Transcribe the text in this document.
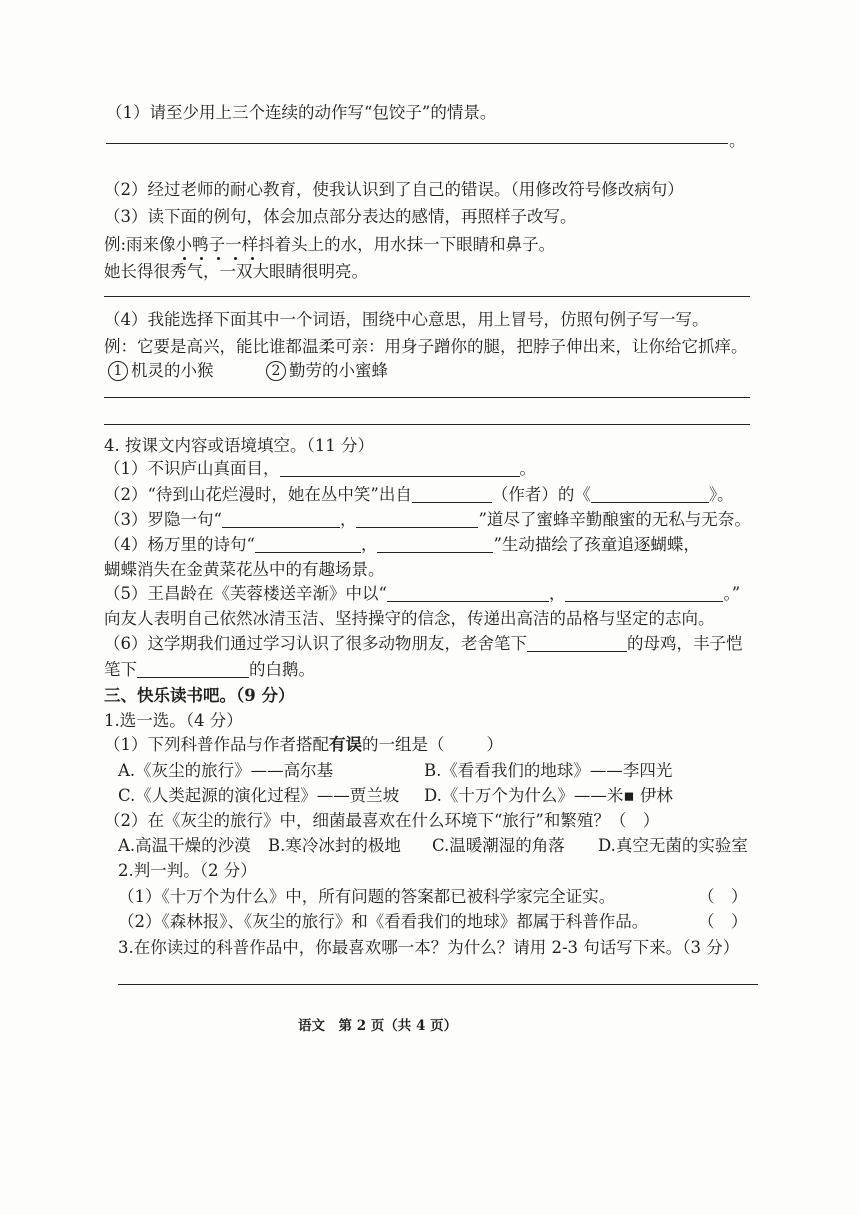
（1）请至少用上三个连续的动作写“包饺子”的情景。
。
（2）经过老师的耐心教育，使我认识到了自己的错误。（用修改符号修改病句）
（3）读下面的例句，体会加点部分表达的感情，再照样子改写。
例:雨来像小鸭子一样
抖着头上的水，用水抹一下眼睛和鼻子。
她长得很秀气，一双大眼睛很明亮。
（4）我能选择下面其中一个词语，围绕中心意思，用上冒号，仿照句例子写一写。
例：它要是高兴，能比谁都温柔可亲：用身子蹭你的腿，把脖子伸出来，让你给它抓痒。
1 机灵的小猴	2 勤劳的小蜜蜂
4. 按课文内容或语境填空。（11 分）
（1）不识庐山真面目，	。
（2）“待到山花烂漫时，她在丛中笑”出自	（作者）的《	》。
（3）罗隐一句“	，	”道尽了蜜蜂辛勤酿蜜的无私与无奈。
（4）杨万里的诗句“	，	”生动描绘了孩童追逐蝴蝶，
蝴蝶消失在金黄菜花丛中的有趣场景。
（5）王昌龄在《芙蓉楼送辛渐》中以“	，	。”
向友人表明自己依然冰清玉洁、坚持操守的信念，传递出高洁的品格与坚定的志向。
（6）这学期我们通过学习认识了很多动物朋友，老舍笔下	的母鸡，丰子恺
笔下	的白鹅。
三、快乐读书吧。（9 分）
1.选一选。（4 分）
（1）下列科普作品与作者搭配有误的一组是（	）
A.《灰尘的旅行》——高尔基	B.《看看我们的地球》——李四光
C.《人类起源的演化过程》——贾兰坡 D.《十万个为什么》——米▪ 伊林
（2）在《灰尘的旅行》中，细菌最喜欢在什么环境下“旅行”和繁殖？（　）
A.高温干燥的沙漠 B.寒冷冰封的极地 C.温暖潮湿的角落 D.真空无菌的实验室
2.判一判。（2 分）
（1）《十万个为什么》中，所有问题的答案都已被科学家完全证实。	（　）
（2）《森林报》、《灰尘的旅行》和《看看我们的地球》都属于科普作品。	（　）
3.在你读过的科普作品中，你最喜欢哪一本？为什么？请用 2-3 句话写下来。（3 分）
语文　第 2 页（共 4 页）
